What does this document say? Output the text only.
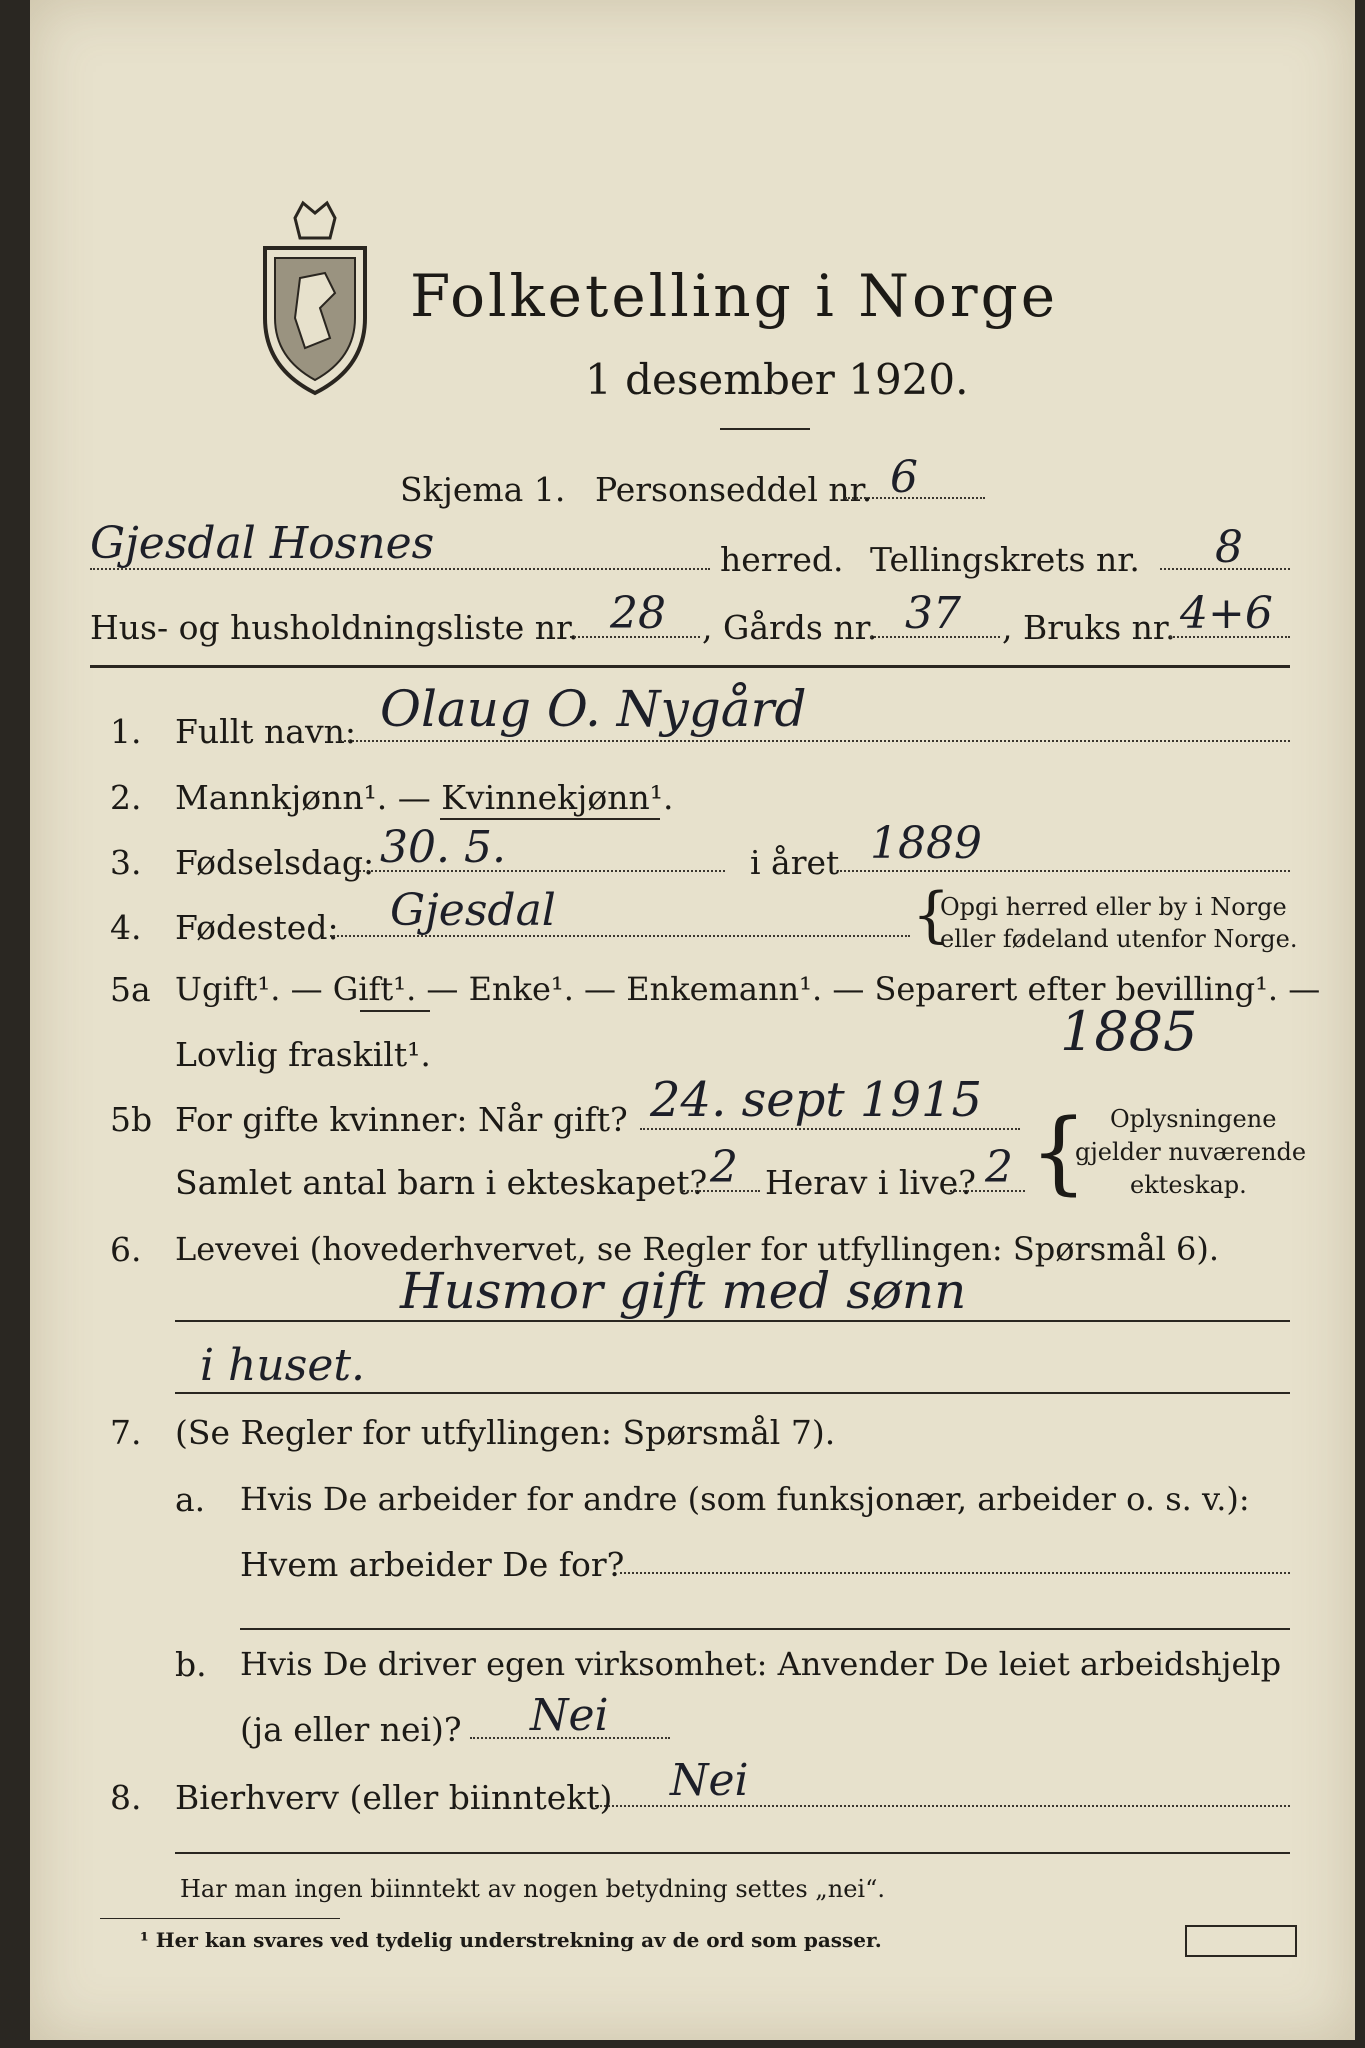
Folketelling i Norge
1 desember 1920.
Skjema 1. Personseddel nr. 6
Gjesdal Hosnes	herred. Tellingskrets nr. 8
Hus- og husholdningsliste nr. 28 , Gårds nr. 37 , Bruks nr. 4+6
1. Fullt navn: Olaug O. Nygård
2. Mannkjønn¹. — Kvinnekjønn¹.
3. Fødselsdag: 30. 5.	i året 1889
4. Fødested: Gjesdal	{
Opgi herred eller by i Norge
eller fødeland utenfor Norge.
5a Ugift¹. — Gift¹. — Enke¹. — Enkemann¹. — Separert efter bevilling¹. —
Lovlig fraskilt¹.	1885
5b For gifte kvinner: Når gift? 24. sept 1915
Samlet antal barn i ekteskapet? 2 Herav i live? 2 { Oplysningene
gjelder nuværende
ekteskap.
6. Levevei (hovederhvervet, se Regler for utfyllingen: Spørsmål 6).
Husmor gift med sønn
i huset.
7. (Se Regler for utfyllingen: Spørsmål 7).
a. Hvis De arbeider for andre (som funksjonær, arbeider o. s. v.):
Hvem arbeider De for?
b. Hvis De driver egen virksomhet: Anvender De leiet arbeidshjelp
(ja eller nei)? Nei
8. Bierhverv (eller biinntekt) Nei
Har man ingen biinntekt av nogen betydning settes „nei“.
¹ Her kan svares ved tydelig understrekning av de ord som passer.
